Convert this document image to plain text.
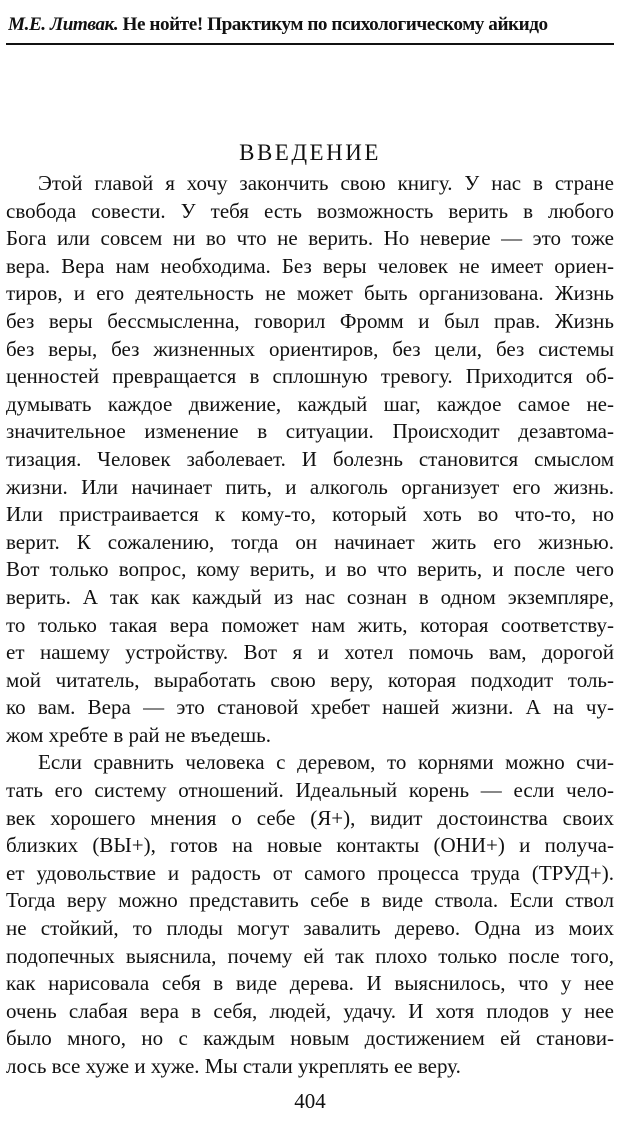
М.Е. Литвак. Не нойте! Практикум по психологическому айкидо
ВВЕДЕНИЕ
Этой главой я хочу закончить свою книгу. У нас в стране
свобода совести. У тебя есть возможность верить в любого
Бога или совсем ни во что не верить. Но неверие — это тоже
вера. Вера нам необходима. Без веры человек не имеет ориен-
тиров, и его деятельность не может быть организована. Жизнь
без веры бессмысленна, говорил Фромм и был прав. Жизнь
без веры, без жизненных ориентиров, без цели, без системы
ценностей превращается в сплошную тревогу. Приходится об-
думывать каждое движение, каждый шаг, каждое самое не-
значительное изменение в ситуации. Происходит дезавтома-
тизация. Человек заболевает. И болезнь становится смыслом
жизни. Или начинает пить, и алкоголь организует его жизнь.
Или пристраивается к кому-то, который хоть во что-то, но
верит. К сожалению, тогда он начинает жить его жизнью.
Вот только вопрос, кому верить, и во что верить, и после чего
верить. А так как каждый из нас сознан в одном экземпляре,
то только такая вера поможет нам жить, которая соответству-
ет нашему устройству. Вот я и хотел помочь вам, дорогой
мой читатель, выработать свою веру, которая подходит толь-
ко вам. Вера — это становой хребет нашей жизни. А на чу-
жом хребте в рай не въедешь.
Если сравнить человека с деревом, то корнями можно счи-
тать его систему отношений. Идеальный корень — если чело-
век хорошего мнения о себе (Я+), видит достоинства своих
близких (ВЫ+), готов на новые контакты (ОНИ+) и получа-
ет удовольствие и радость от самого процесса труда (ТРУД+).
Тогда веру можно представить себе в виде ствола. Если ствол
не стойкий, то плоды могут завалить дерево. Одна из моих
подопечных выяснила, почему ей так плохо только после того,
как нарисовала себя в виде дерева. И выяснилось, что у нее
очень слабая вера в себя, людей, удачу. И хотя плодов у нее
было много, но с каждым новым достижением ей станови-
лось все хуже и хуже. Мы стали укреплять ее веру.
404
